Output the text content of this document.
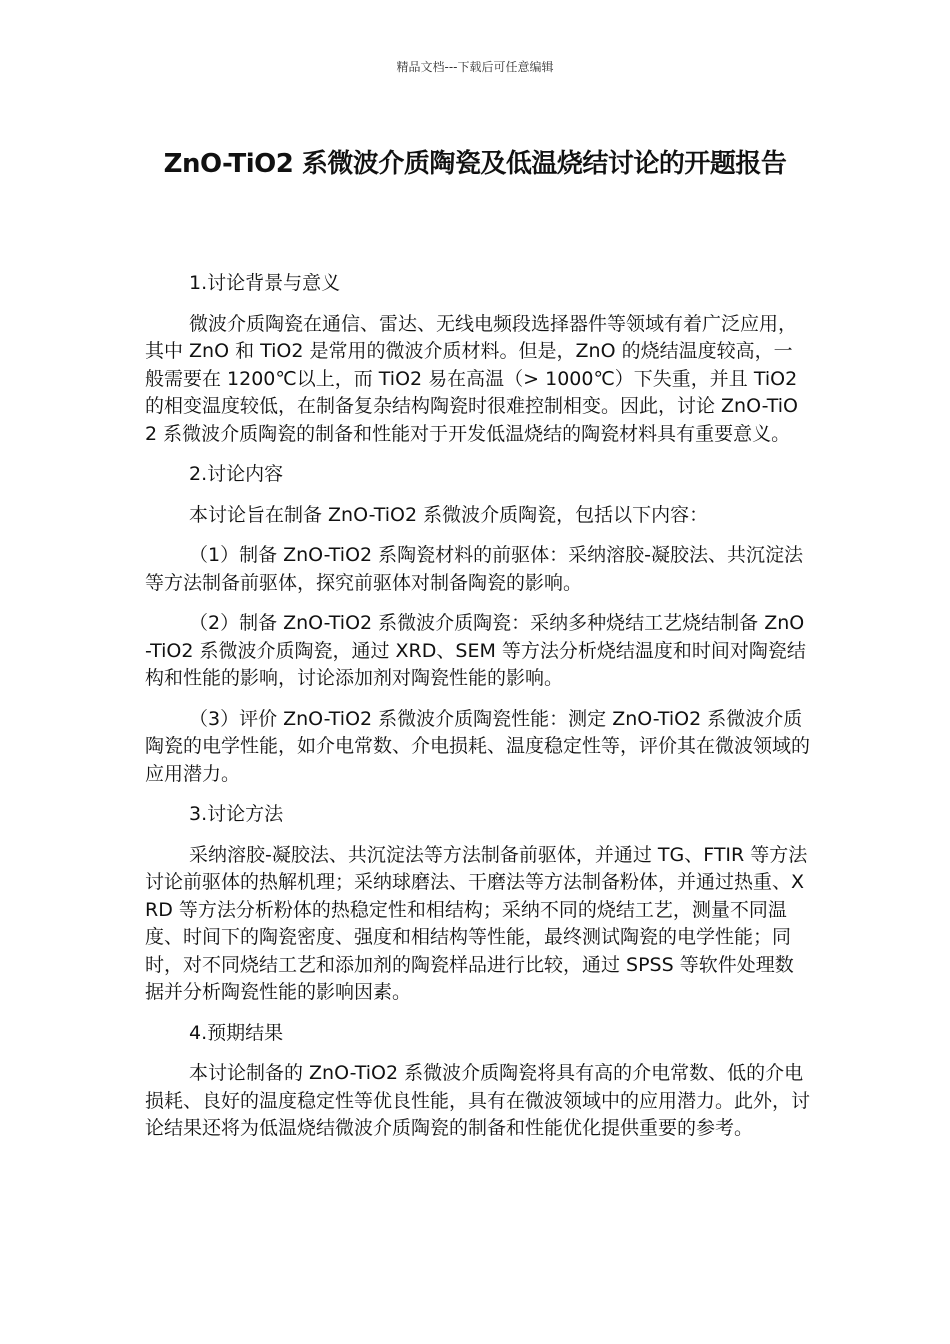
精品文档---下载后可任意编辑
ZnO-TiO2 系微波介质陶瓷及低温烧结讨论的开题报告

1.讨论背景与意义

微波介质陶瓷在通信、雷达、无线电频段选择器件等领域有着广泛应用，其中 ZnO 和 TiO2 是常用的微波介质材料。但是，ZnO 的烧结温度较高，一般需要在 1200℃以上，而 TiO2 易在高温（> 1000℃）下失重，并且 TiO2 的相变温度较低，在制备复杂结构陶瓷时很难控制相变。因此，讨论 ZnO-TiO2 系微波介质陶瓷的制备和性能对于开发低温烧结的陶瓷材料具有重要意义。

2.讨论内容

本讨论旨在制备 ZnO-TiO2 系微波介质陶瓷，包括以下内容：

（1）制备 ZnO-TiO2 系陶瓷材料的前驱体：采纳溶胶-凝胶法、共沉淀法等方法制备前驱体，探究前驱体对制备陶瓷的影响。

（2）制备 ZnO-TiO2 系微波介质陶瓷：采纳多种烧结工艺烧结制备 ZnO-TiO2 系微波介质陶瓷，通过 XRD、SEM 等方法分析烧结温度和时间对陶瓷结构和性能的影响，讨论添加剂对陶瓷性能的影响。

（3）评价 ZnO-TiO2 系微波介质陶瓷性能：测定 ZnO-TiO2 系微波介质陶瓷的电学性能，如介电常数、介电损耗、温度稳定性等，评价其在微波领域的应用潜力。

3.讨论方法

采纳溶胶-凝胶法、共沉淀法等方法制备前驱体，并通过 TG、FTIR 等方法讨论前驱体的热解机理；采纳球磨法、干磨法等方法制备粉体，并通过热重、XRD 等方法分析粉体的热稳定性和相结构；采纳不同的烧结工艺，测量不同温度、时间下的陶瓷密度、强度和相结构等性能，最终测试陶瓷的电学性能；同时，对不同烧结工艺和添加剂的陶瓷样品进行比较，通过 SPSS 等软件处理数据并分析陶瓷性能的影响因素。

4.预期结果

本讨论制备的 ZnO-TiO2 系微波介质陶瓷将具有高的介电常数、低的介电损耗、良好的温度稳定性等优良性能，具有在微波领域中的应用潜力。此外，讨论结果还将为低温烧结微波介质陶瓷的制备和性能优化提供重要的参考。
